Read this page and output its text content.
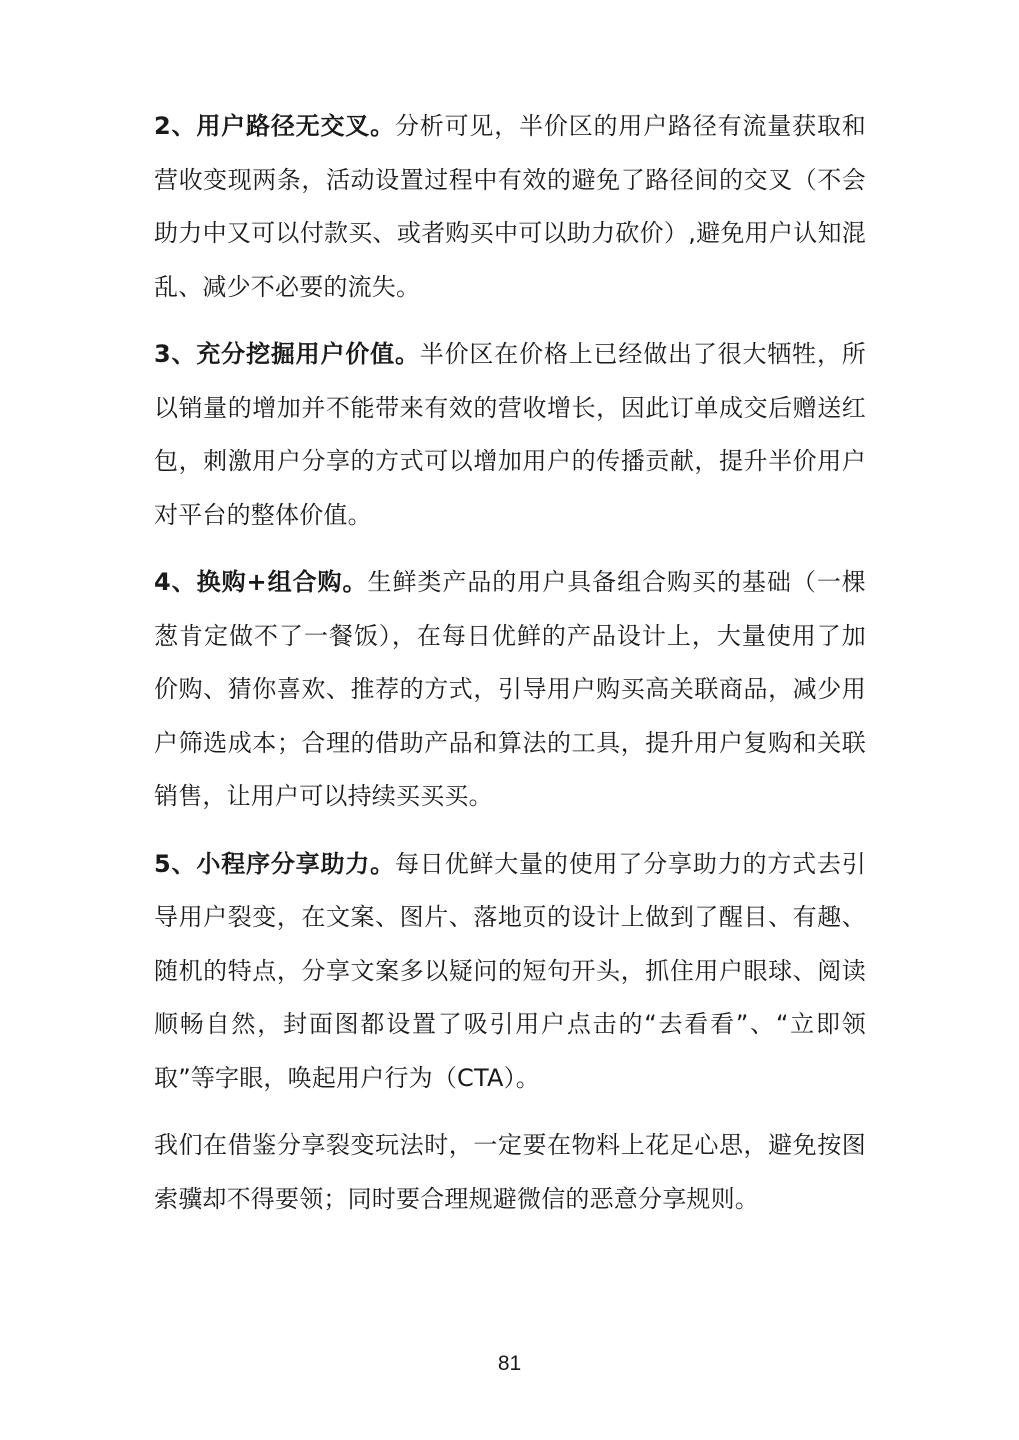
2、用户路径无交叉。分析可见，半价区的用户路径有流量获取和营收变现两条，活动设置过程中有效的避免了路径间的交叉（不会助力中又可以付款买、或者购买中可以助力砍价）,避免用户认知混乱、减少不必要的流失。

3、充分挖掘用户价值。半价区在价格上已经做出了很大牺牲，所以销量的增加并不能带来有效的营收增长，因此订单成交后赠送红包，刺激用户分享的方式可以增加用户的传播贡献，提升半价用户对平台的整体价值。

4、换购+组合购。生鲜类产品的用户具备组合购买的基础（一棵葱肯定做不了一餐饭），在每日优鲜的产品设计上，大量使用了加价购、猜你喜欢、推荐的方式，引导用户购买高关联商品，减少用户筛选成本；合理的借助产品和算法的工具，提升用户复购和关联销售，让用户可以持续买买买。

5、小程序分享助力。每日优鲜大量的使用了分享助力的方式去引导用户裂变，在文案、图片、落地页的设计上做到了醒目、有趣、随机的特点，分享文案多以疑问的短句开头，抓住用户眼球、阅读顺畅自然，封面图都设置了吸引用户点击的“去看看”、“立即领取”等字眼，唤起用户行为（CTA）。

我们在借鉴分享裂变玩法时，一定要在物料上花足心思，避免按图索骥却不得要领；同时要合理规避微信的恶意分享规则。

81
